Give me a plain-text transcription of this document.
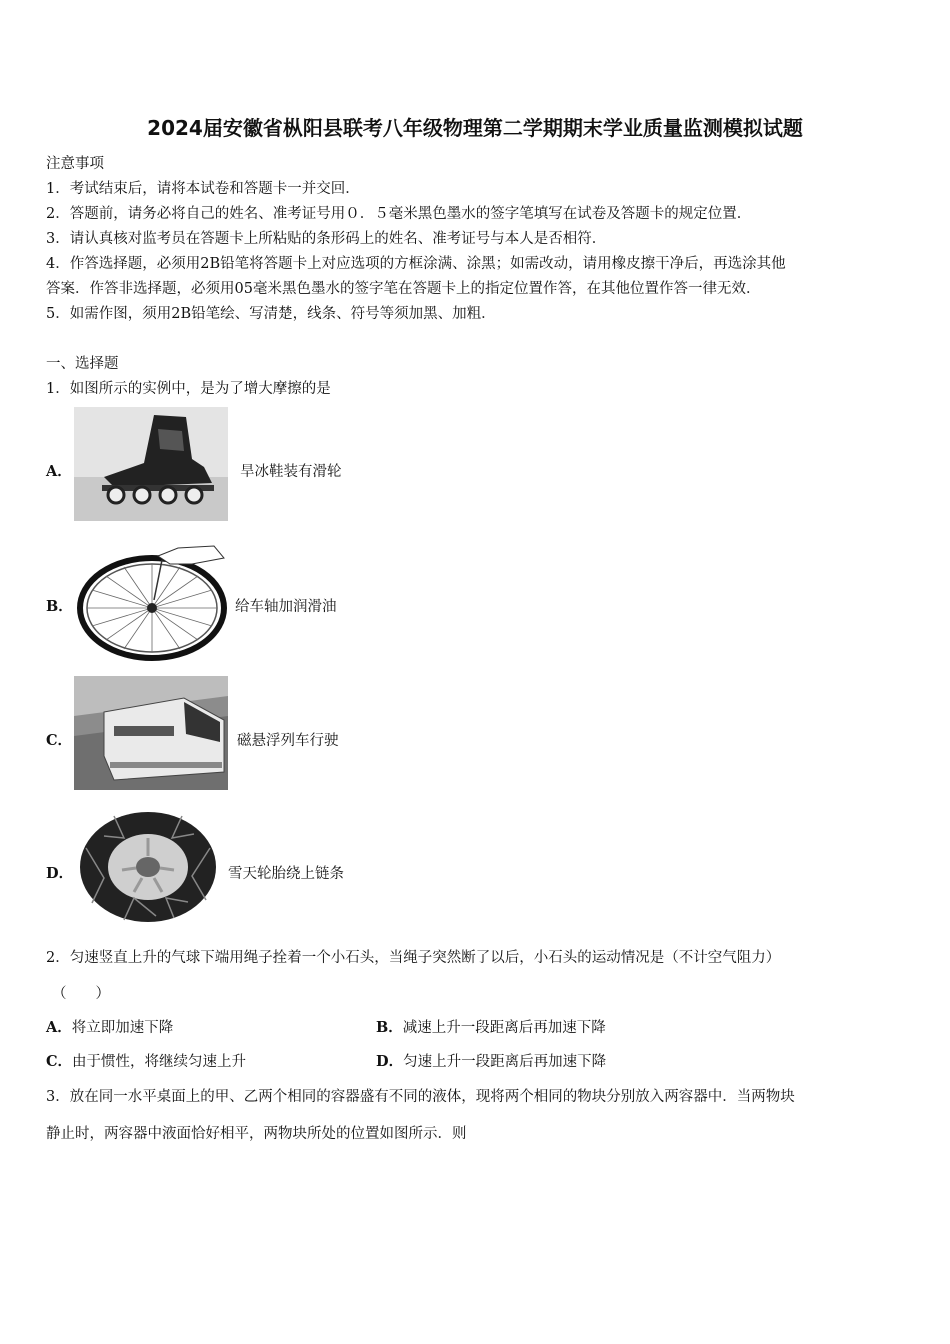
2024届安徽省枞阳县联考八年级物理第二学期期末学业质量监测模拟试题
注意事项
1．考试结束后，请将本试卷和答题卡一并交回．
2．答题前，请务必将自己的姓名、准考证号用０．５毫米黑色墨水的签字笔填写在试卷及答题卡的规定位置．
3．请认真核对监考员在答题卡上所粘贴的条形码上的姓名、准考证号与本人是否相符．
4．作答选择题，必须用2B铅笔将答题卡上对应选项的方框涂满、涂黑；如需改动，请用橡皮擦干净后，再选涂其他
答案．作答非选择题，必须用05毫米黑色墨水的签字笔在答题卡上的指定位置作答，在其他位置作答一律无效．
5．如需作图，须用2B铅笔绘、写清楚，线条、符号等须加黑、加粗．
一、选择题
1．如图所示的实例中，是为了增大摩擦的是
A．	旱冰鞋装有滑轮
B．	给车轴加润滑油
C．	磁悬浮列车行驶
D．	雪天轮胎绕上链条
2．匀速竖直上升的气球下端用绳子拴着一个小石头，当绳子突然断了以后，小石头的运动情况是（不计空气阻力）
（　　）
A．将立即加速下降	B．减速上升一段距离后再加速下降
C．由于惯性，将继续匀速上升	D．匀速上升一段距离后再加速下降
3．放在同一水平桌面上的甲、乙两个相同的容器盛有不同的液体，现将两个相同的物块分别放入两容器中．当两物块
静止时，两容器中液面恰好相平，两物块所处的位置如图所示．则
